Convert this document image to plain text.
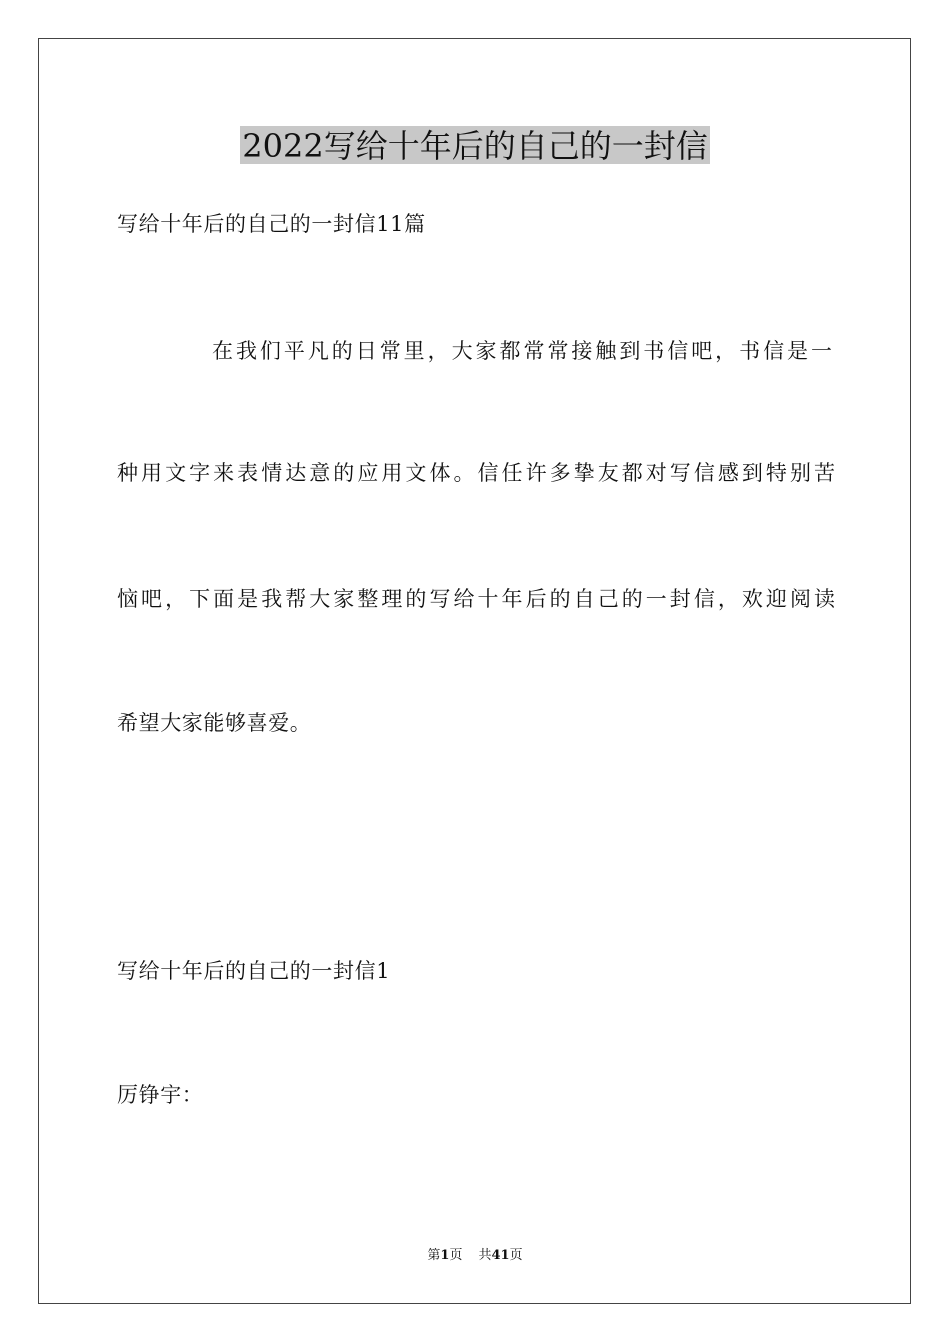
2022写给十年后的自己的一封信
写给十年后的自己的一封信11篇
在我们平凡的日常里，大家都常常接触到书信吧，书信是一
种用文字来表情达意的应用文体。信任许多挚友都对写信感到特别苦
恼吧，下面是我帮大家整理的写给十年后的自己的一封信，欢迎阅读
希望大家能够喜爱。
写给十年后的自己的一封信1
厉铮宇：
第1页 共41页
